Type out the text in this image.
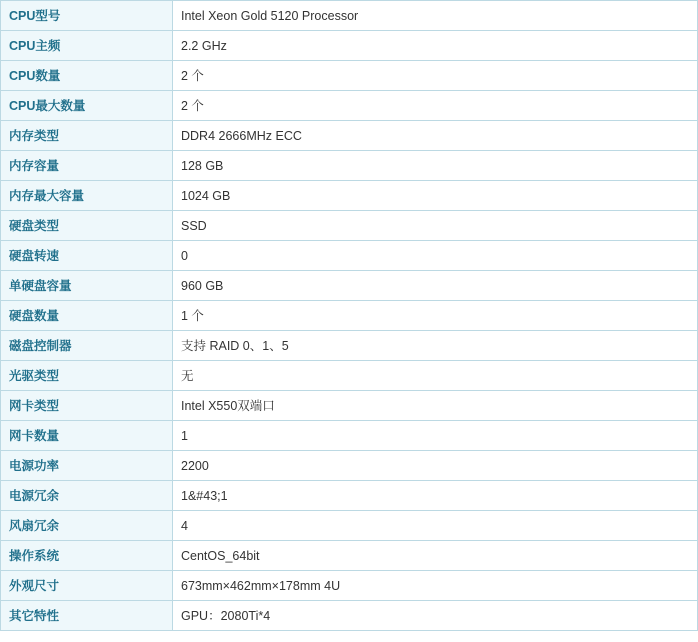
CPU型号	Intel Xeon Gold 5120 Processor
CPU主频	2.2 GHz
CPU数量	2 个
CPU最大数量	2 个
内存类型	DDR4 2666MHz ECC
内存容量	128 GB
内存最大容量	1024 GB
硬盘类型	SSD
硬盘转速	0
单硬盘容量	960 GB
硬盘数量	1 个
磁盘控制器	支持 RAID 0、1、5
光驱类型	无
网卡类型	Intel X550双端口
网卡数量	1
电源功率	2200
电源冗余	1&#43;1
风扇冗余	4
操作系统	CentOS_64bit
外观尺寸	673mm×462mm×178mm 4U
其它特性	GPU：2080Ti*4
